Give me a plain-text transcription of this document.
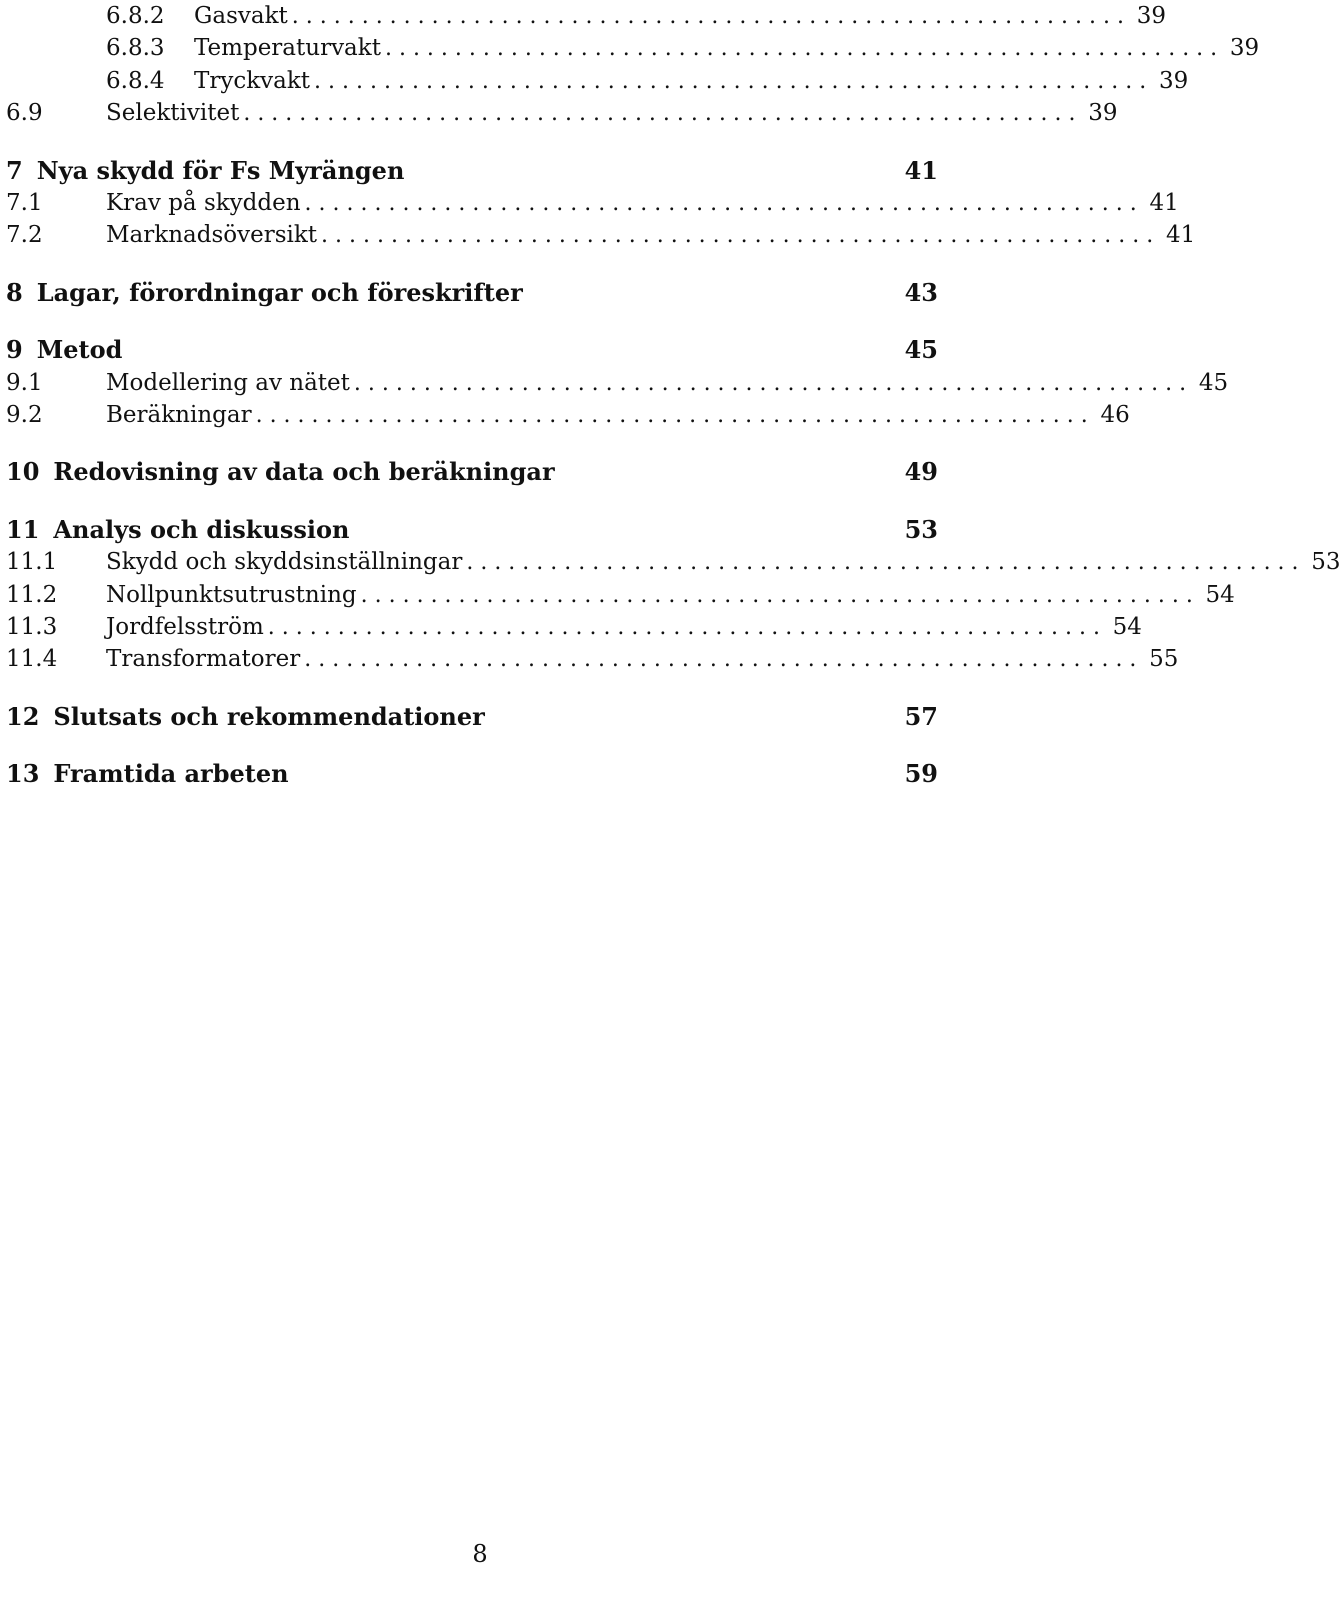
6.8.2	Gasvakt . . . . . . . . . . . . . . . . . . . . . . . . . . . . . . . . . . . . . . . . . . . . . . . . . . . . . . . . . . . . 39
6.8.3	Temperaturvakt . . . . . . . . . . . . . . . . . . . . . . . . . . . . . . . . . . . . . . . . . . . . . . . . . . . . . . . . . . . . 39
6.8.4	Tryckvakt . . . . . . . . . . . . . . . . . . . . . . . . . . . . . . . . . . . . . . . . . . . . . . . . . . . . . . . . . . . . 39
6.9	Selektivitet . . . . . . . . . . . . . . . . . . . . . . . . . . . . . . . . . . . . . . . . . . . . . . . . . . . . . . . . . . . . 39
7 Nya skydd för Fs Myrängen	41
7.1	Krav på skydden . . . . . . . . . . . . . . . . . . . . . . . . . . . . . . . . . . . . . . . . . . . . . . . . . . . . . . . . . . . . 41
7.2	Marknadsöversikt . . . . . . . . . . . . . . . . . . . . . . . . . . . . . . . . . . . . . . . . . . . . . . . . . . . . . . . . . . . . 41
8 Lagar, förordningar och föreskrifter	43
9 Metod	45
9.1	Modellering av nätet . . . . . . . . . . . . . . . . . . . . . . . . . . . . . . . . . . . . . . . . . . . . . . . . . . . . . . . . . . . . 45
9.2	Beräkningar . . . . . . . . . . . . . . . . . . . . . . . . . . . . . . . . . . . . . . . . . . . . . . . . . . . . . . . . . . . . 46
10 Redovisning av data och beräkningar	49
11 Analys och diskussion	53
11.1	Skydd och skyddsinställningar . . . . . . . . . . . . . . . . . . . . . . . . . . . . . . . . . . . . . . . . . . . . . . . . . . . . . . . . . . . . 53
11.2	Nollpunktsutrustning . . . . . . . . . . . . . . . . . . . . . . . . . . . . . . . . . . . . . . . . . . . . . . . . . . . . . . . . . . . . 54
11.3	Jordfelsström . . . . . . . . . . . . . . . . . . . . . . . . . . . . . . . . . . . . . . . . . . . . . . . . . . . . . . . . . . . . 54
11.4	Transformatorer . . . . . . . . . . . . . . . . . . . . . . . . . . . . . . . . . . . . . . . . . . . . . . . . . . . . . . . . . . . . 55
12 Slutsats och rekommendationer	57
13 Framtida arbeten	59
8
